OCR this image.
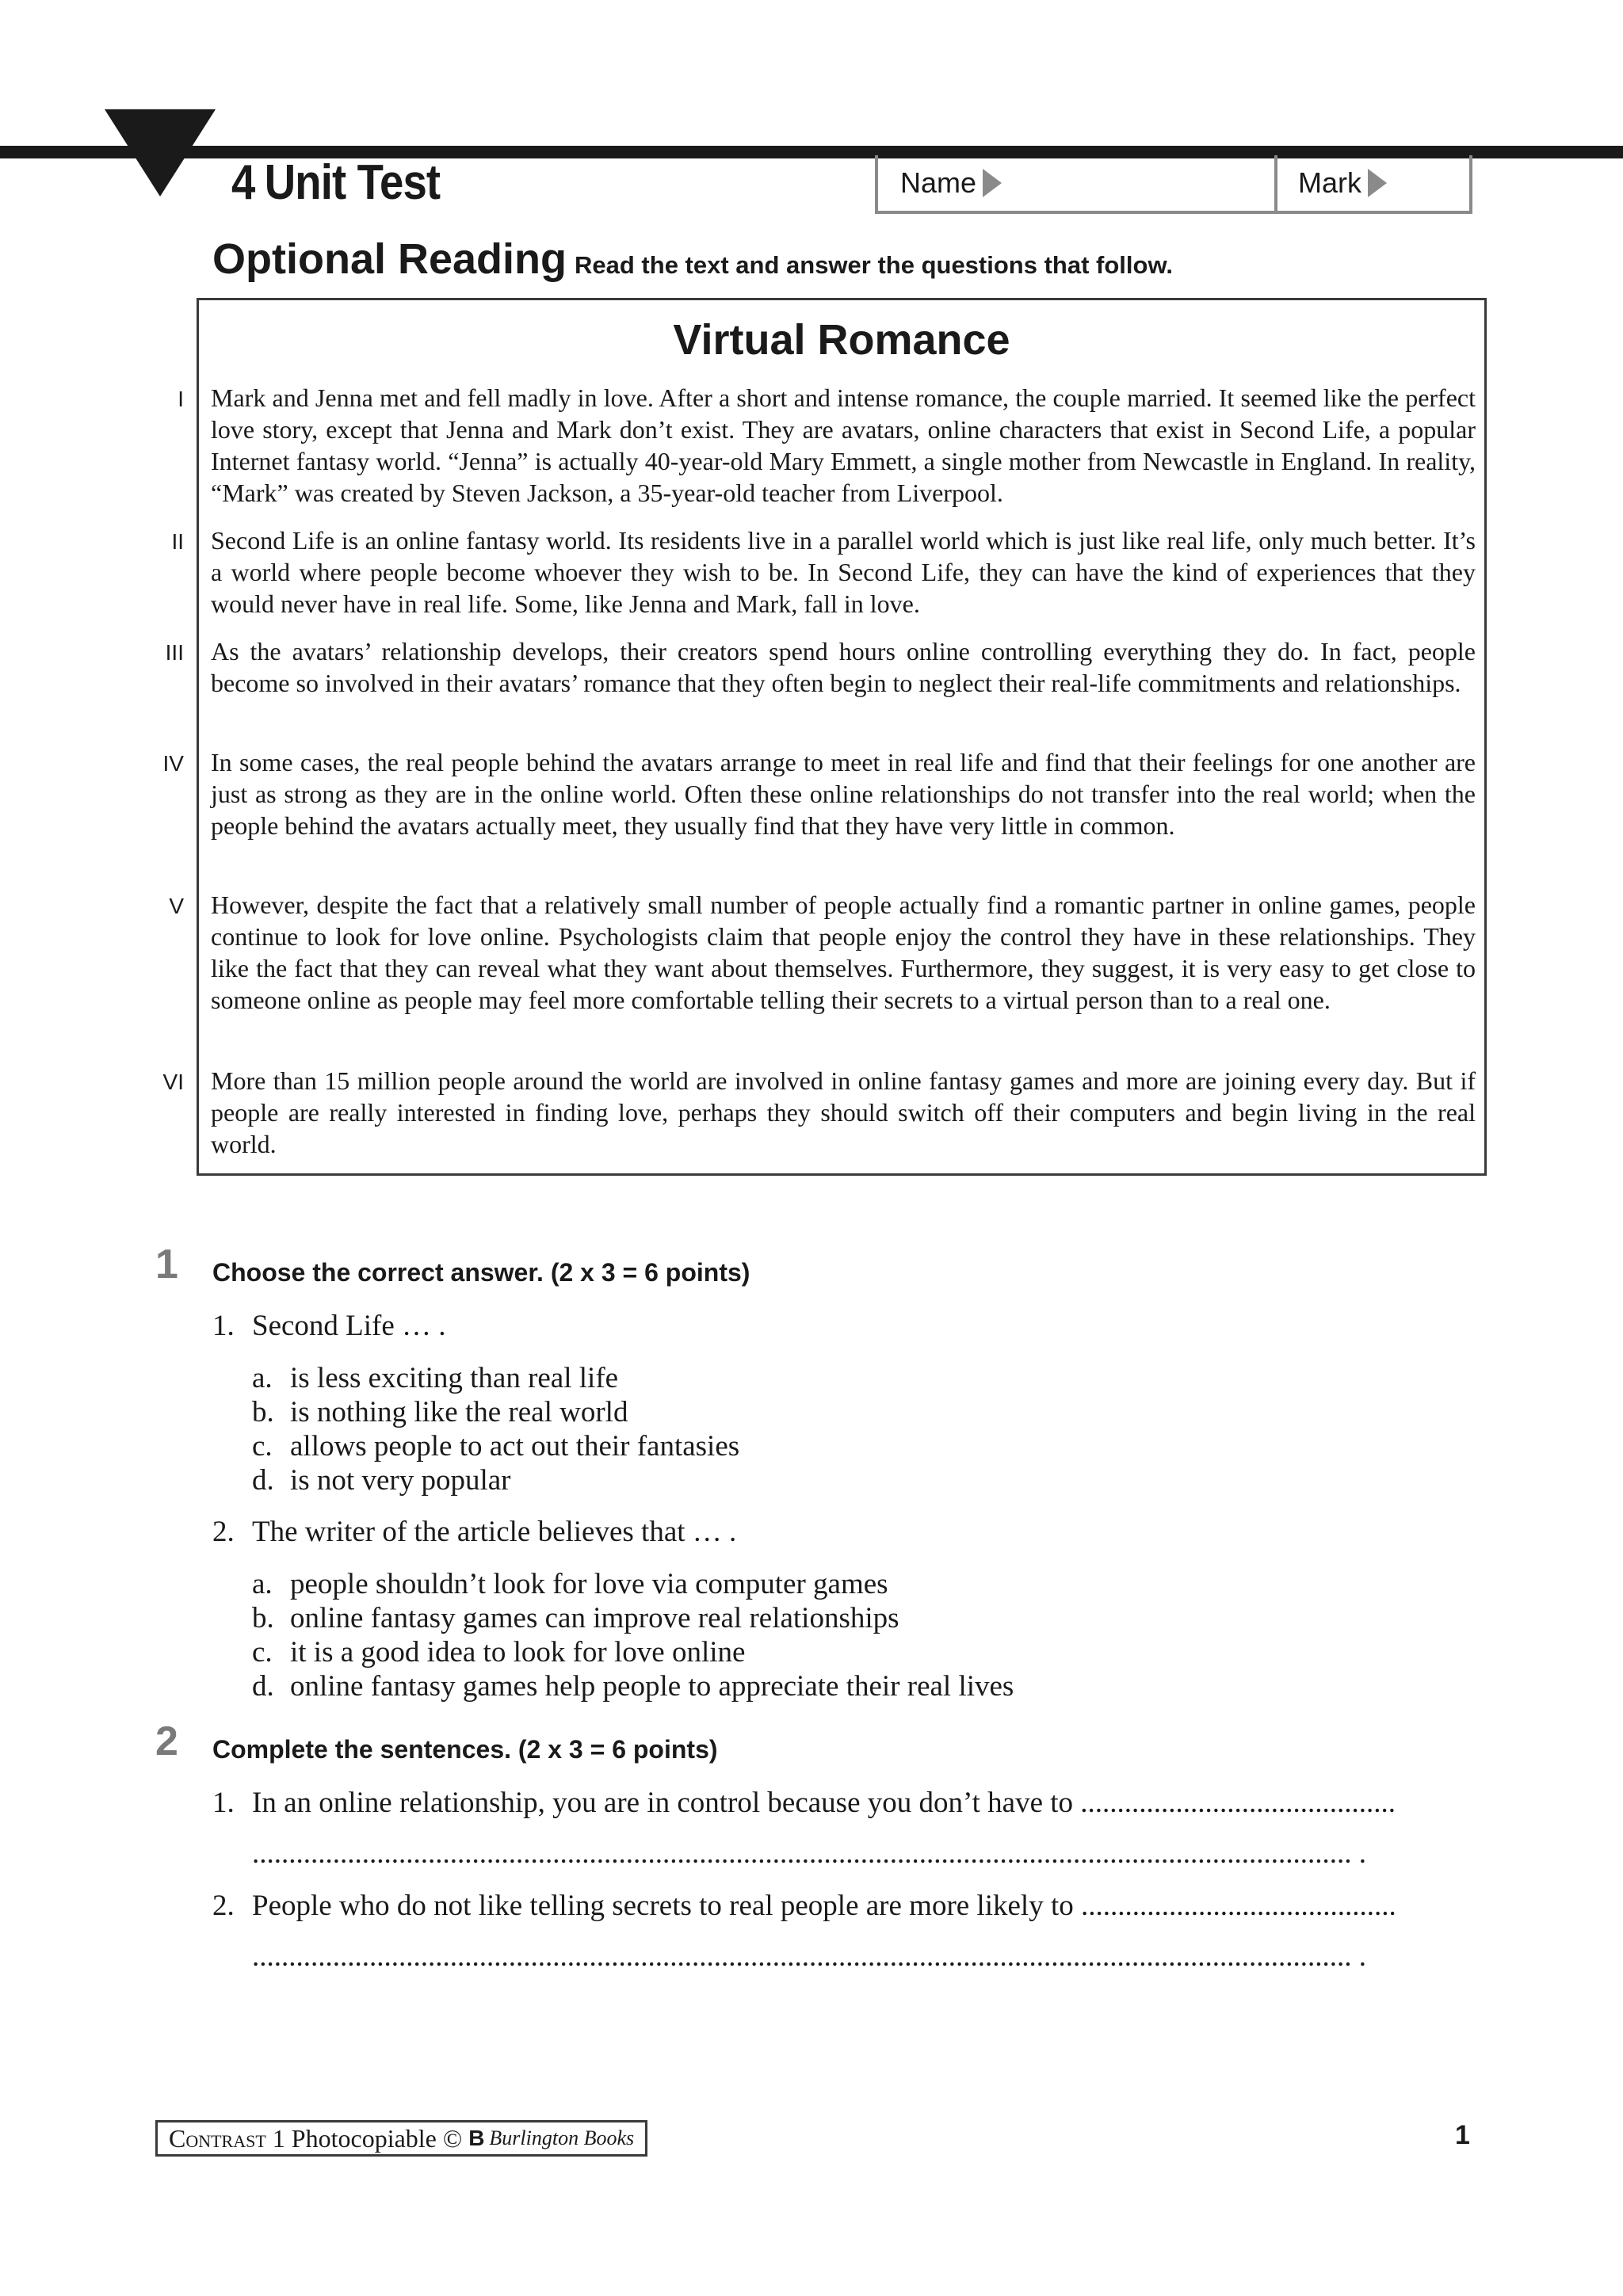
4 Unit Test	Name	Mark
Optional Reading Read the text and answer the questions that follow.
Virtual Romance
I Mark and Jenna met and fell madly in love. After a short and intense romance, the couple married. It seemed like the perfect love story, except that Jenna and Mark don’t exist. They are avatars, online characters that exist in Second Life, a popular Internet fantasy world. “Jenna” is actually 40-year-old Mary Emmett, a single mother from Newcastle in England. In reality, “Mark” was created by Steven Jackson, a 35-year-old teacher from Liverpool.
II Second Life is an online fantasy world. Its residents live in a parallel world which is just like real life, only much better. It’s a world where people become whoever they wish to be. In Second Life, they can have the kind of experiences that they would never have in real life. Some, like Jenna and Mark, fall in love.
III As the avatars’ relationship develops, their creators spend hours online controlling everything they do. In fact, people become so involved in their avatars’ romance that they often begin to neglect their real-life commitments and relationships.
IV In some cases, the real people behind the avatars arrange to meet in real life and find that their feelings for one another are just as strong as they are in the online world. Often these online relationships do not transfer into the real world; when the people behind the avatars actually meet, they usually find that they have very little in common.
V However, despite the fact that a relatively small number of people actually find a romantic partner in online games, people continue to look for love online. Psychologists claim that people enjoy the control they have in these relationships. They like the fact that they can reveal what they want about themselves. Furthermore, they suggest, it is very easy to get close to someone online as people may feel more comfortable telling their secrets to a virtual person than to a real one.
VI More than 15 million people around the world are involved in online fantasy games and more are joining every day. But if people are really interested in finding love, perhaps they should switch off their computers and begin living in the real world.
1 Choose the correct answer. (2 x 3 = 6 points)
1. Second Life … .
a. is less exciting than real life
b. is nothing like the real world
c. allows people to act out their fantasies
d. is not very popular
2. The writer of the article believes that … .
a. people shouldn’t look for love via computer games
b. online fantasy games can improve real relationships
c. it is a good idea to look for love online
d. online fantasy games help people to appreciate their real lives
2 Complete the sentences. (2 x 3 = 6 points)
1. In an online relationship, you are in control because you don’t have to ...........................................
...................................................................................................................................................... .
2. People who do not like telling secrets to real people are more likely to ...........................................
...................................................................................................................................................... .
Contrast 1
Photocopiable ©
B Burlington Books	1
